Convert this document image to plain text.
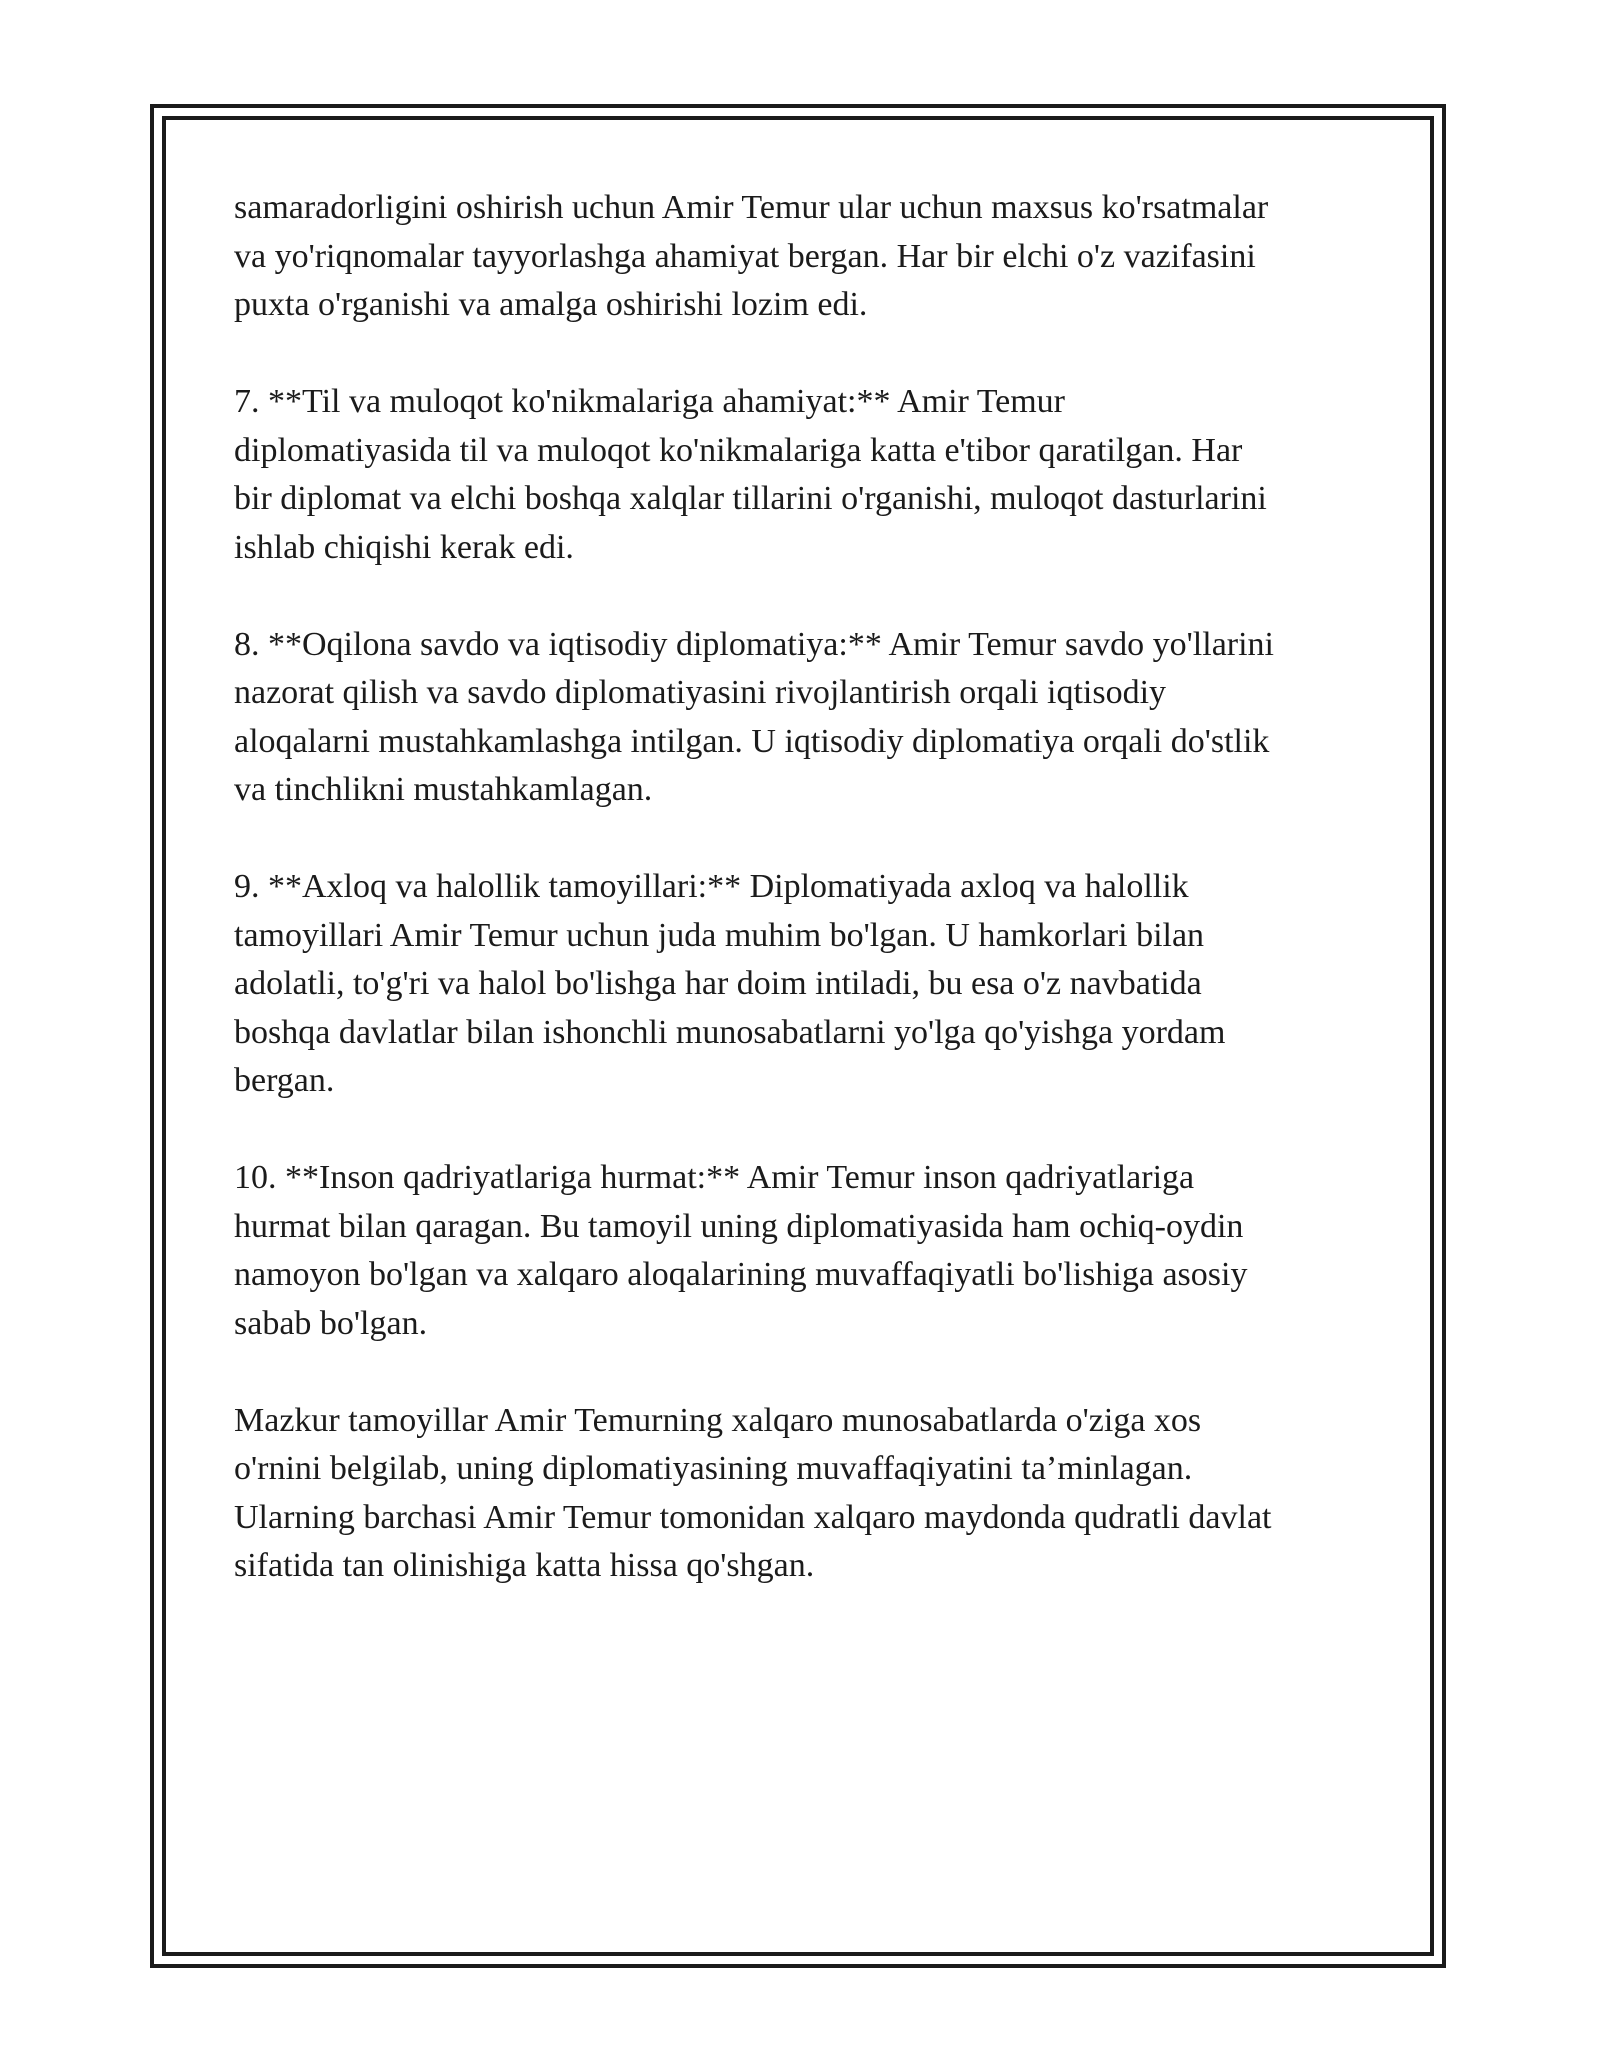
samaradorligini oshirish uchun Amir Temur ular uchun maxsus ko'rsatmalar
va yo'riqnomalar tayyorlashga ahamiyat bergan. Har bir elchi o'z vazifasini
puxta o'rganishi va amalga oshirishi lozim edi.

7. **Til va muloqot ko'nikmalariga ahamiyat:** Amir Temur
diplomatiyasida til va muloqot ko'nikmalariga katta e'tibor qaratilgan. Har
bir diplomat va elchi boshqa xalqlar tillarini o'rganishi, muloqot dasturlarini
ishlab chiqishi kerak edi.

8. **Oqilona savdo va iqtisodiy diplomatiya:** Amir Temur savdo yo'llarini
nazorat qilish va savdo diplomatiyasini rivojlantirish orqali iqtisodiy
aloqalarni mustahkamlashga intilgan. U iqtisodiy diplomatiya orqali do'stlik
va tinchlikni mustahkamlagan.

9. **Axloq va halollik tamoyillari:** Diplomatiyada axloq va halollik
tamoyillari Amir Temur uchun juda muhim bo'lgan. U hamkorlari bilan
adolatli, to'g'ri va halol bo'lishga har doim intiladi, bu esa o'z navbatida
boshqa davlatlar bilan ishonchli munosabatlarni yo'lga qo'yishga yordam
bergan.

10. **Inson qadriyatlariga hurmat:** Amir Temur inson qadriyatlariga
hurmat bilan qaragan. Bu tamoyil uning diplomatiyasida ham ochiq-oydin
namoyon bo'lgan va xalqaro aloqalarining muvaffaqiyatli bo'lishiga asosiy
sabab bo'lgan.

Mazkur tamoyillar Amir Temurning xalqaro munosabatlarda o'ziga xos
o'rnini belgilab, uning diplomatiyasining muvaffaqiyatini ta’minlagan.
Ularning barchasi Amir Temur tomonidan xalqaro maydonda qudratli davlat
sifatida tan olinishiga katta hissa qo'shgan.
